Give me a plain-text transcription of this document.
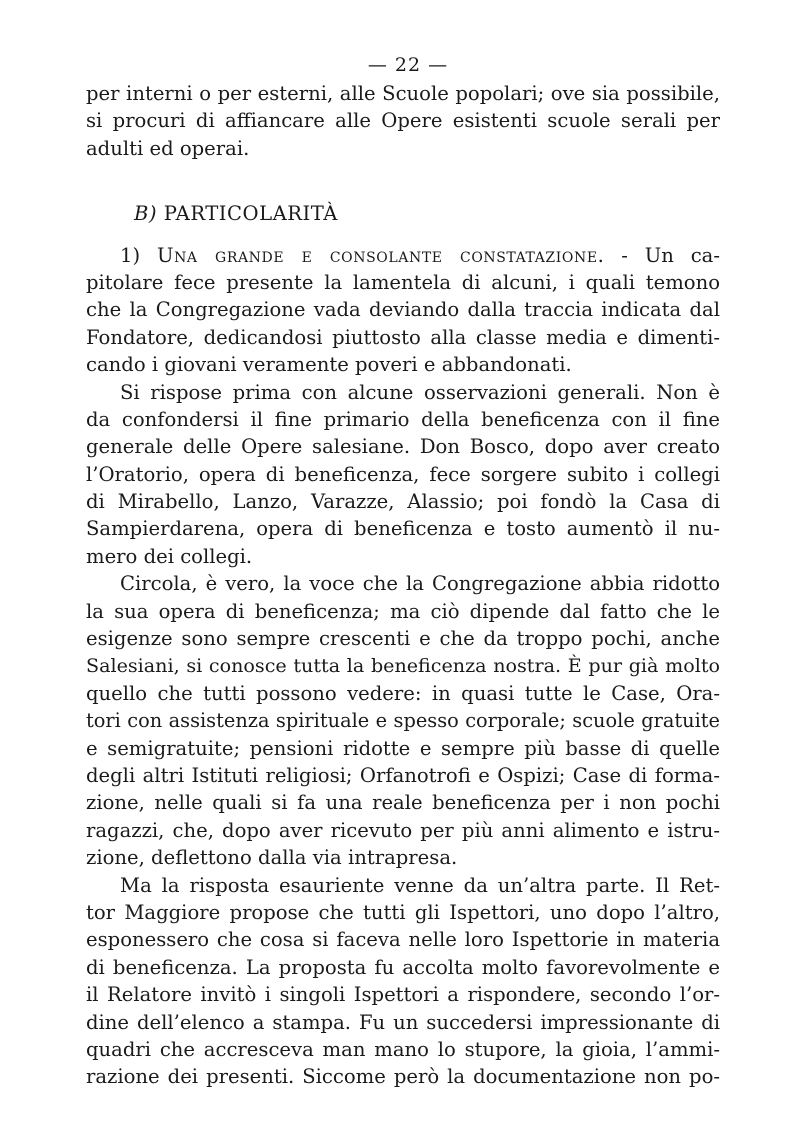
— 22 —
per interni o per esterni, alle Scuole popolari; ove sia possibile,
si procuri di affiancare alle Opere esistenti scuole serali per
adulti ed operai.
B) PARTICOLARITÀ
1) Una grande e consolante constatazione. - Un ca-
pitolare fece presente la lamentela di alcuni, i quali temono
che la Congregazione vada deviando dalla traccia indicata dal
Fondatore, dedicandosi piuttosto alla classe media e dimenti-
cando i giovani veramente poveri e abbandonati.
Si rispose prima con alcune osservazioni generali. Non è
da confondersi il fine primario della beneficenza con il fine
generale delle Opere salesiane. Don Bosco, dopo aver creato
l’Oratorio, opera di beneficenza, fece sorgere subito i collegi
di Mirabello, Lanzo, Varazze, Alassio; poi fondò la Casa di
Sampierdarena, opera di beneficenza e tosto aumentò il nu-
mero dei collegi.
Circola, è vero, la voce che la Congregazione abbia ridotto
la sua opera di beneficenza; ma ciò dipende dal fatto che le
esigenze sono sempre crescenti e che da troppo pochi, anche
Salesiani, si conosce tutta la beneficenza nostra. È pur già molto
quello che tutti possono vedere: in quasi tutte le Case, Ora-
tori con assistenza spirituale e spesso corporale; scuole gratuite
e semigratuite; pensioni ridotte e sempre più basse di quelle
degli altri Istituti religiosi; Orfanotrofi e Ospizi; Case di forma-
zione, nelle quali si fa una reale beneficenza per i non pochi
ragazzi, che, dopo aver ricevuto per più anni alimento e istru-
zione, deflettono dalla via intrapresa.
Ma la risposta esauriente venne da un’altra parte. Il Ret-
tor Maggiore propose che tutti gli Ispettori, uno dopo l’altro,
esponessero che cosa si faceva nelle loro Ispettorie in materia
di beneficenza. La proposta fu accolta molto favorevolmente e
il Relatore invitò i singoli Ispettori a rispondere, secondo l’or-
dine dell’elenco a stampa. Fu un succedersi impressionante di
quadri che accresceva man mano lo stupore, la gioia, l’ammi-
razione dei presenti. Siccome però la documentazione non po-
